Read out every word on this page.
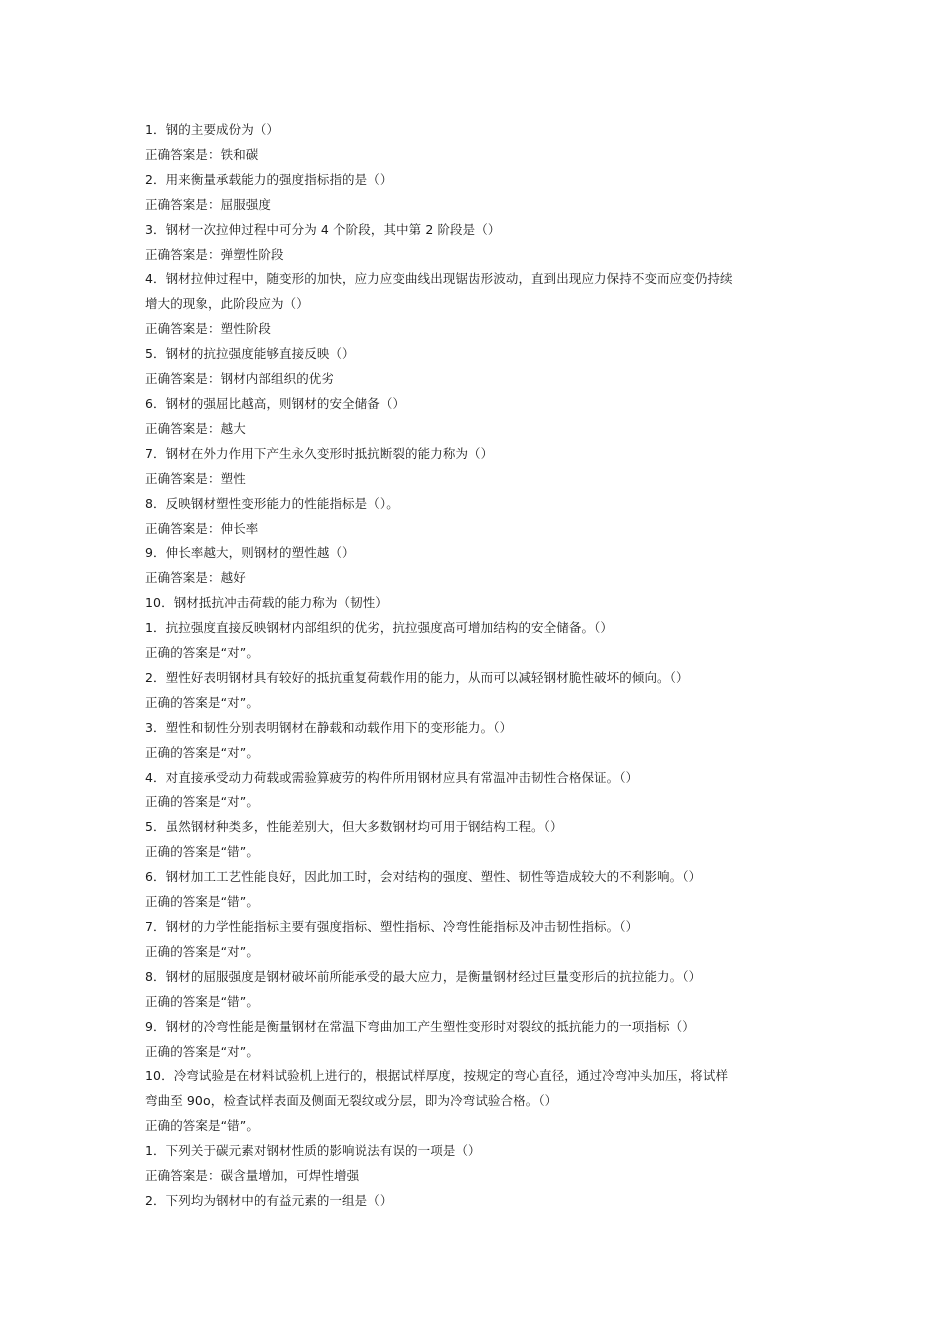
1．钢的主要成份为（）
正确答案是：铁和碳
2．用来衡量承载能力的强度指标指的是（）
正确答案是：屈服强度
3．钢材一次拉伸过程中可分为 4 个阶段，其中第 2 阶段是（）
正确答案是：弹塑性阶段
4．钢材拉伸过程中，随变形的加快，应力应变曲线出现锯齿形波动，直到出现应力保持不变而应变仍持续
增大的现象，此阶段应为（）
正确答案是：塑性阶段
5．钢材的抗拉强度能够直接反映（）
正确答案是：钢材内部组织的优劣
6．钢材的强屈比越高，则钢材的安全储备（）
正确答案是：越大
7．钢材在外力作用下产生永久变形时抵抗断裂的能力称为（）
正确答案是：塑性
8．反映钢材塑性变形能力的性能指标是（）。
正确答案是：伸长率
9．伸长率越大，则钢材的塑性越（）
正确答案是：越好
10．钢材抵抗冲击荷载的能力称为（韧性）
1．抗拉强度直接反映钢材内部组织的优劣，抗拉强度高可增加结构的安全储备。（）
正确的答案是“对”。
2．塑性好表明钢材具有较好的抵抗重复荷载作用的能力，从而可以减轻钢材脆性破坏的倾向。（）
正确的答案是“对”。
3．塑性和韧性分别表明钢材在静载和动载作用下的变形能力。（）
正确的答案是“对”。
4．对直接承受动力荷载或需验算疲劳的构件所用钢材应具有常温冲击韧性合格保证。（）
正确的答案是“对”。
5．虽然钢材种类多，性能差别大，但大多数钢材均可用于钢结构工程。（）
正确的答案是“错”。
6．钢材加工工艺性能良好，因此加工时，会对结构的强度、塑性、韧性等造成较大的不利影响。（）
正确的答案是“错”。
7．钢材的力学性能指标主要有强度指标、塑性指标、冷弯性能指标及冲击韧性指标。（）
正确的答案是“对”。
8．钢材的屈服强度是钢材破坏前所能承受的最大应力，是衡量钢材经过巨量变形后的抗拉能力。（）
正确的答案是“错”。
9．钢材的冷弯性能是衡量钢材在常温下弯曲加工产生塑性变形时对裂纹的抵抗能力的一项指标（）
正确的答案是“对”。
10．冷弯试验是在材料试验机上进行的，根据试样厚度，按规定的弯心直径，通过冷弯冲头加压，将试样
弯曲至 90o，检查试样表面及侧面无裂纹或分层，即为冷弯试验合格。（）
正确的答案是“错”。
1．下列关于碳元素对钢材性质的影响说法有误的一项是（）
正确答案是：碳含量增加，可焊性增强
2．下列均为钢材中的有益元素的一组是（）
